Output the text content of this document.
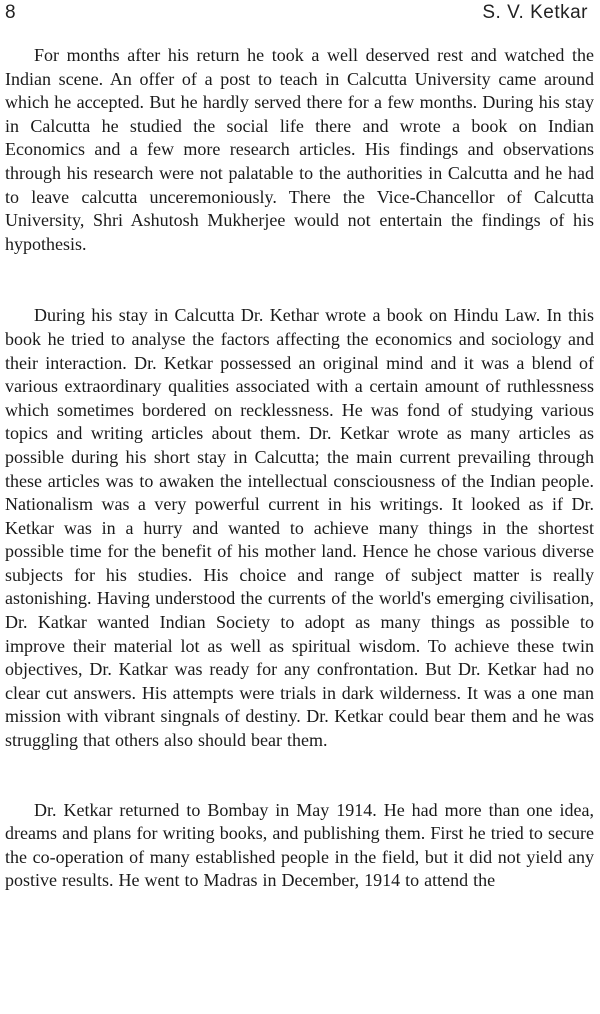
8	S. V. Ketkar

For months after his return he took a well deserved rest and watched the Indian scene. An offer of a post to teach in Calcutta University came around which he accepted. But he hardly served there for a few months. During his stay in Calcutta he studied the social life there and wrote a book on Indian Economics and a few more research articles. His findings and observations through his research were not palatable to the authorities in Calcutta and he had to leave calcutta unceremoniously. There the Vice-Chancellor of Calcutta University, Shri Ashutosh Mukherjee would not entertain the findings of his hypothesis.

During his stay in Calcutta Dr. Kethar wrote a book on Hindu Law. In this book he tried to analyse the factors affecting the economics and sociology and their interaction. Dr. Ketkar possessed an original mind and it was a blend of various extraordinary qualities associated with a certain amount of ruthlessness which sometimes bordered on recklessness. He was fond of studying various topics and writing articles about them. Dr. Ketkar wrote as many articles as possible during his short stay in Calcutta; the main current prevailing through these articles was to awaken the intellectual consciousness of the Indian people. Nationalism was a very powerful current in his writings. It looked as if Dr. Ketkar was in a hurry and wanted to achieve many things in the shortest possible time for the benefit of his mother land. Hence he chose various diverse subjects for his studies. His choice and range of subject matter is really astonishing. Having understood the currents of the world's emerging civilisation, Dr. Katkar wanted Indian Society to adopt as many things as possible to improve their material lot as well as spiritual wisdom. To achieve these twin objectives, Dr. Katkar was ready for any confrontation. But Dr. Ketkar had no clear cut answers. His attempts were trials in dark wilderness. It was a one man mission with vibrant singnals of destiny. Dr. Ketkar could bear them and he was struggling that others also should bear them.

Dr. Ketkar returned to Bombay in May 1914. He had more than one idea, dreams and plans for writing books, and publishing them. First he tried to secure the co-operation of many established people in the field, but it did not yield any postive results. He went to Madras in December, 1914 to attend the
